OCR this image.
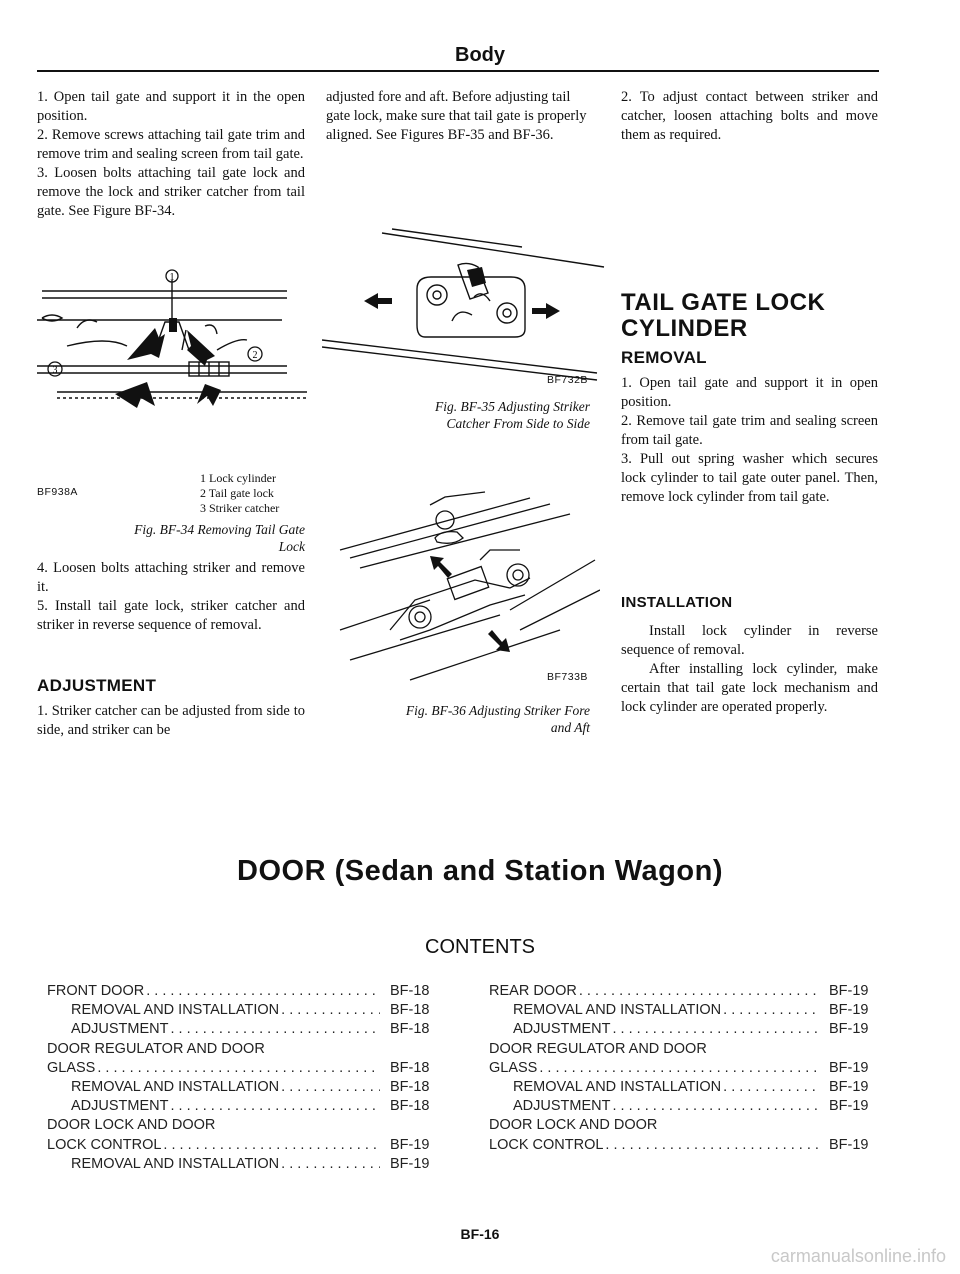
Body

1. Open tail gate and support it in the open position.

2. Remove screws attaching tail gate trim and remove trim and sealing screen from tail gate.

3. Loosen bolts attaching tail gate lock and remove the lock and striker catcher from tail gate. See Figure BF-34.

1
2
3
BF938A
1 Lock cylinder
2 Tail gate lock
3 Striker catcher
Fig. BF-34 Removing Tail Gate
Lock

4. Loosen bolts attaching striker and remove it.

5. Install tail gate lock, striker catcher and striker in reverse sequence of removal.

ADJUSTMENT
1. Striker catcher can be adjusted from side to side, and striker can be
adjusted fore and aft. Before adjusting tail gate lock, make sure that tail gate is properly aligned. See Figures BF-35 and BF-36.
BF732B
Fig. BF-35 Adjusting Striker
Catcher From Side to Side
BF733B
Fig. BF-36 Adjusting Striker Fore
and Aft
2. To adjust contact between striker and catcher, loosen attaching bolts and move them as required.
TAIL GATE LOCK
CYLINDER
REMOVAL

1. Open tail gate and support it in open position.

2. Remove tail gate trim and sealing screen from tail gate.

3. Pull out spring washer which secures lock cylinder to tail gate outer panel. Then, remove lock cylinder from tail gate.

INSTALLATION

Install lock cylinder in reverse sequence of removal.

After installing lock cylinder, make certain that tail gate lock mechanism and lock cylinder are operated properly.

DOOR (Sedan and Station Wagon)
CONTENTS
FRONT DOOR . . .	BF-18
REMOVAL AND INSTALLATION . . .	BF-18
ADJUSTMENT . . .	BF-18
DOOR REGULATOR AND DOOR
GLASS . . .	BF-18
REMOVAL AND INSTALLATION . . .	BF-18
ADJUSTMENT . . .	BF-18
DOOR LOCK AND DOOR
LOCK CONTROL . . .	BF-19
REMOVAL AND INSTALLATION . . .	BF-19
REAR DOOR . . .	BF-19
REMOVAL AND INSTALLATION . . .	BF-19
ADJUSTMENT . . .	BF-19
DOOR REGULATOR AND DOOR
GLASS . . .	BF-19
REMOVAL AND INSTALLATION . . .	BF-19
ADJUSTMENT . . .	BF-19
DOOR LOCK AND DOOR
LOCK CONTROL . . .	BF-19
BF-16
carmanualsonline.info
